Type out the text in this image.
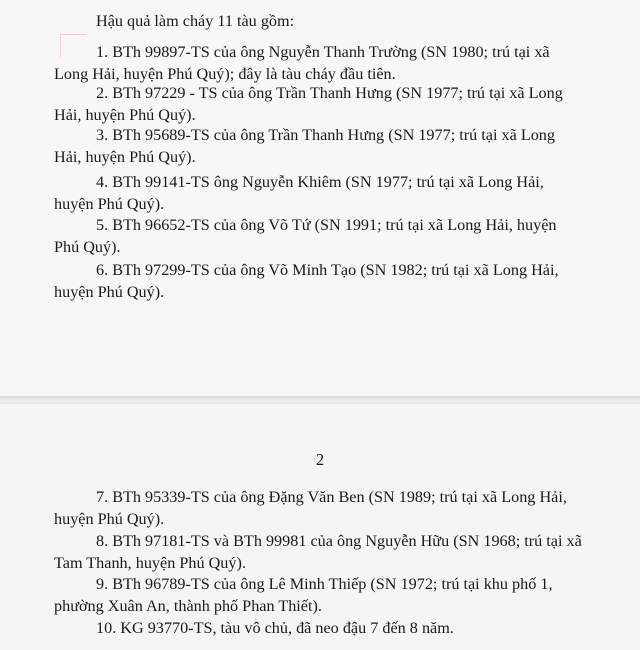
Hậu quả làm cháy 11 tàu gồm:
1. BTh 99897-TS của ông Nguyễn Thanh Trường (SN 1980; trú tại xã
Long Hải, huyện Phú Quý); đây là tàu cháy đầu tiên.
2. BTh 97229 - TS của ông Trần Thanh Hưng (SN 1977; trú tại xã Long
Hải, huyện Phú Quý).
3. BTh 95689-TS của ông Trần Thanh Hưng (SN 1977; trú tại xã Long
Hải, huyện Phú Quý).
4. BTh 99141-TS ông Nguyễn Khiêm (SN 1977; trú tại xã Long Hải,
huyện Phú Quý).
5. BTh 96652-TS của ông Võ Tứ (SN 1991; trú tại xã Long Hải, huyện
Phú Quý).
6. BTh 97299-TS của ông Võ Minh Tạo (SN 1982; trú tại xã Long Hải,
huyện Phú Quý).
2
7. BTh 95339-TS của ông Đặng Văn Ben (SN 1989; trú tại xã Long Hải,
huyện Phú Quý).
8. BTh 97181-TS và BTh 99981 của ông Nguyễn Hữu (SN 1968; trú tại xã
Tam Thanh, huyện Phú Quý).
9. BTh 96789-TS của ông Lê Minh Thiếp (SN 1972; trú tại khu phố 1,
phường Xuân An, thành phố Phan Thiết).
10. KG 93770-TS, tàu vô chủ, đã neo đậu 7 đến 8 năm.
